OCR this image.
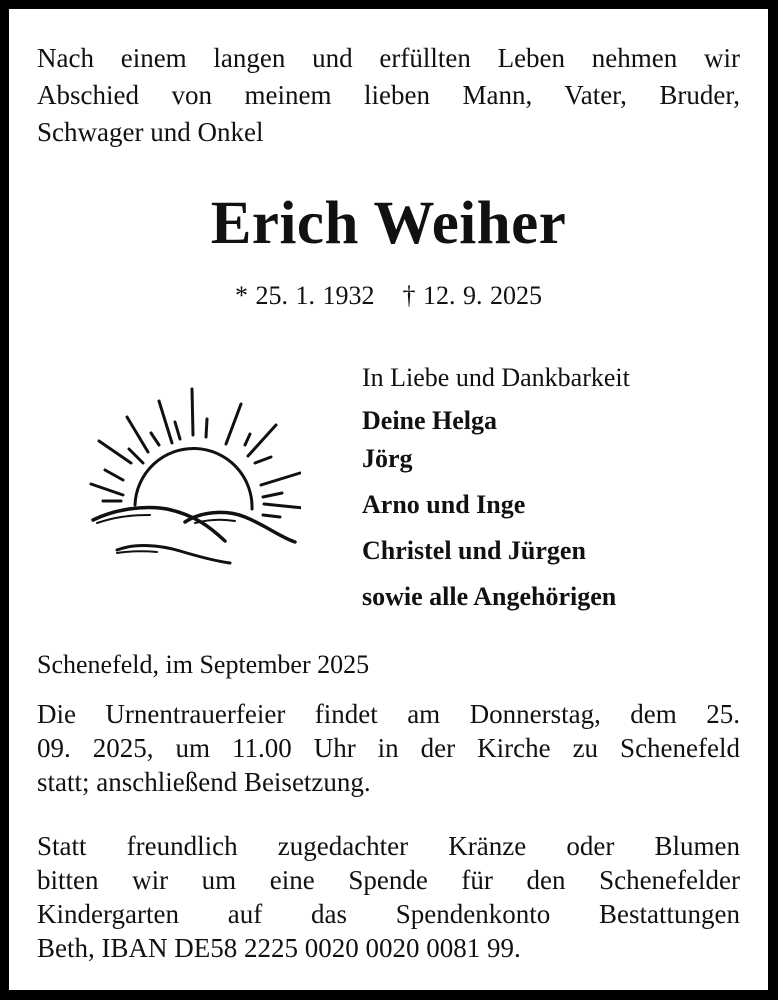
Nach einem langen und erfüllten Leben nehmen wir
Abschied von meinem lieben Mann, Vater, Bruder,
Schwager und Onkel
Erich Weiher
* 25. 1. 1932 † 12. 9. 2025
In Liebe und Dankbarkeit
Deine Helga
Jörg
Arno und Inge
Christel und Jürgen
sowie alle Angehörigen
Schenefeld, im September 2025
Die Urnentrauerfeier findet am Donnerstag, dem 25.
09. 2025, um 11.00 Uhr in der Kirche zu Schenefeld
statt; anschließend Beisetzung.
Statt freundlich zugedachter Kränze oder Blumen
bitten wir um eine Spende für den Schenefelder
Kindergarten auf das Spendenkonto Bestattungen
Beth, IBAN DE58 2225 0020 0020 0081 99.
